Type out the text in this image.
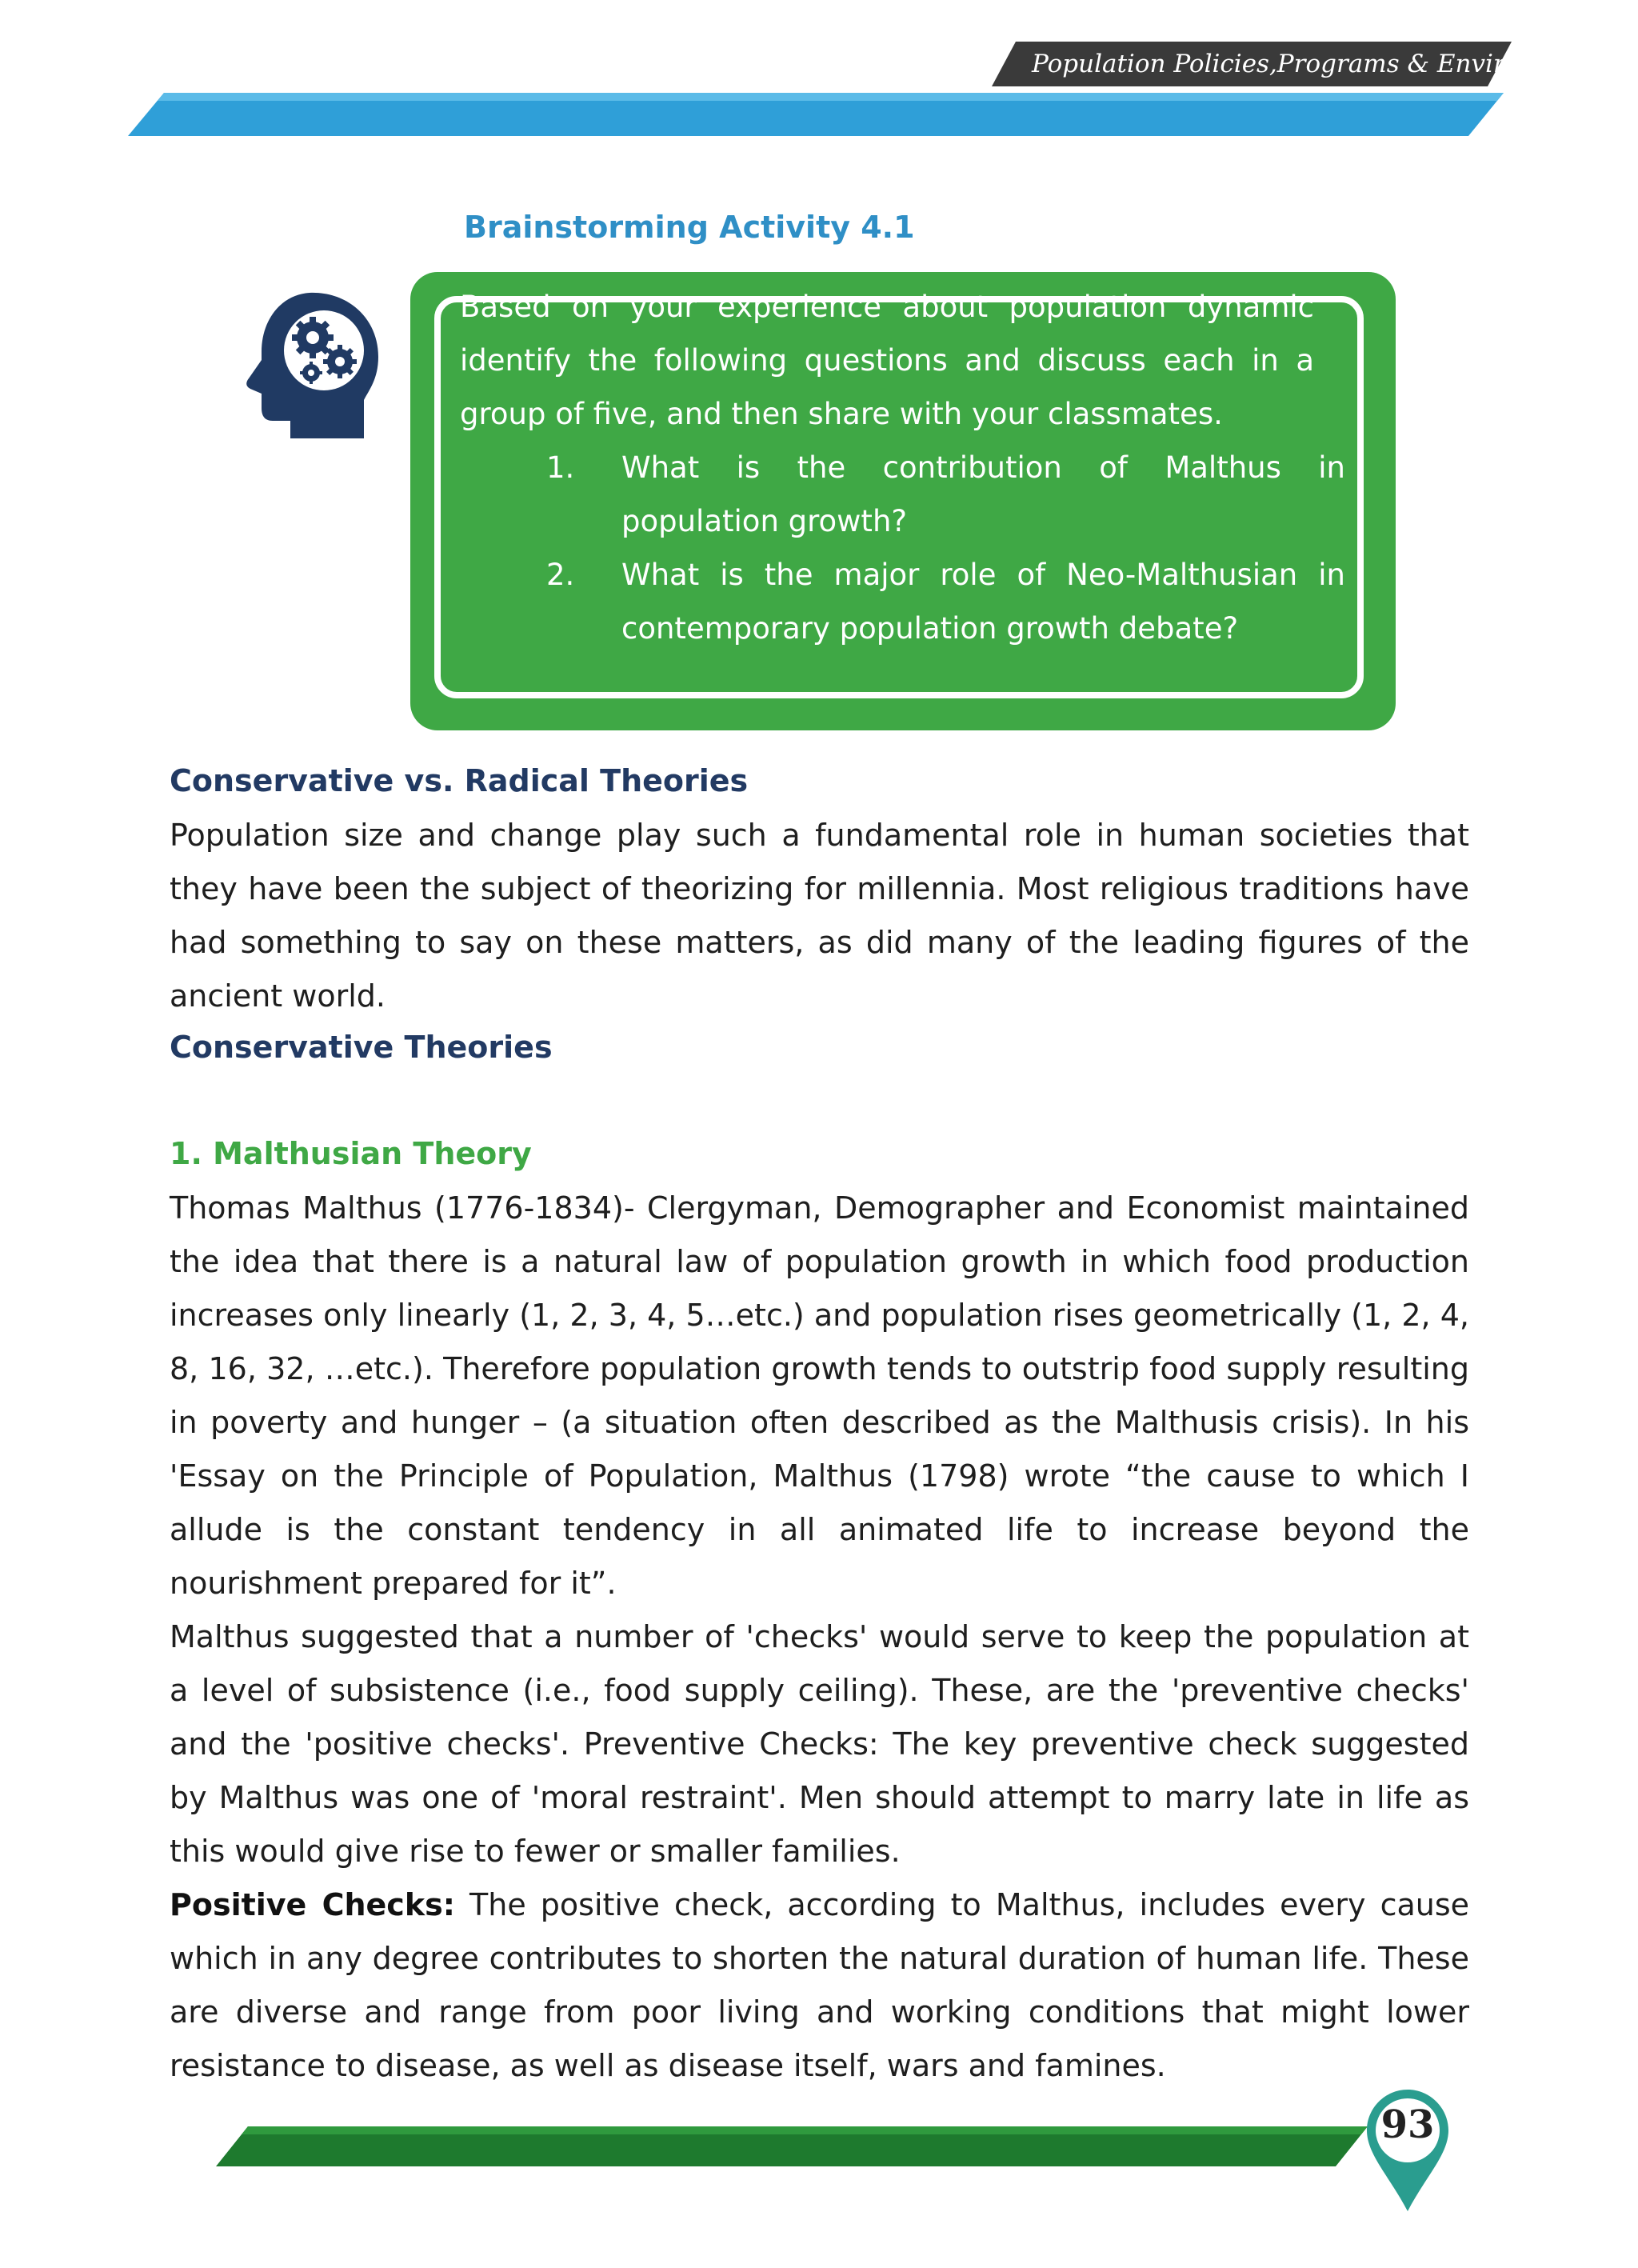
Population Policies,Programs & Environment
Brainstorming Activity 4.1
Based on your experience about population dynamic identify the following questions and discuss each in a group of five, and then share with your classmates.
1. What is the contribution of Malthus in population growth?
2. What is the major role of Neo-Malthusian in contemporary population growth debate?
Conservative vs. Radical Theories
Population size and change play such a fundamental role in human societies that they have been the subject of theorizing for millennia. Most religious traditions have had something to say on these matters, as did many of the leading figures of the ancient world.
Conservative Theories
1. Malthusian Theory
Thomas Malthus (1776-1834)- Clergyman, Demographer and Economist maintained the idea that there is a natural law of population growth in which food production increases only linearly (1, 2, 3, 4, 5…etc.) and population rises geometrically (1, 2, 4, 8, 16, 32, …etc.). Therefore population growth tends to outstrip food supply resulting in poverty and hunger – (a situation often described as the Malthusis crisis). In his 'Essay on the Principle of Population, Malthus (1798) wrote “the cause to which I allude is the constant tendency in all animated life to increase beyond the nourishment prepared for it”.
Malthus suggested that a number of 'checks' would serve to keep the population at a level of subsistence (i.e., food supply ceiling). These, are the 'preventive checks' and the 'positive checks'. Preventive Checks: The key preventive check suggested by Malthus was one of 'moral restraint'. Men should attempt to marry late in life as this would give rise to fewer or smaller families.
Positive Checks: The positive check, according to Malthus, includes every cause which in any degree contributes to shorten the natural duration of human life. These are diverse and range from poor living and working conditions that might lower resistance to disease, as well as disease itself, wars and famines.
93
